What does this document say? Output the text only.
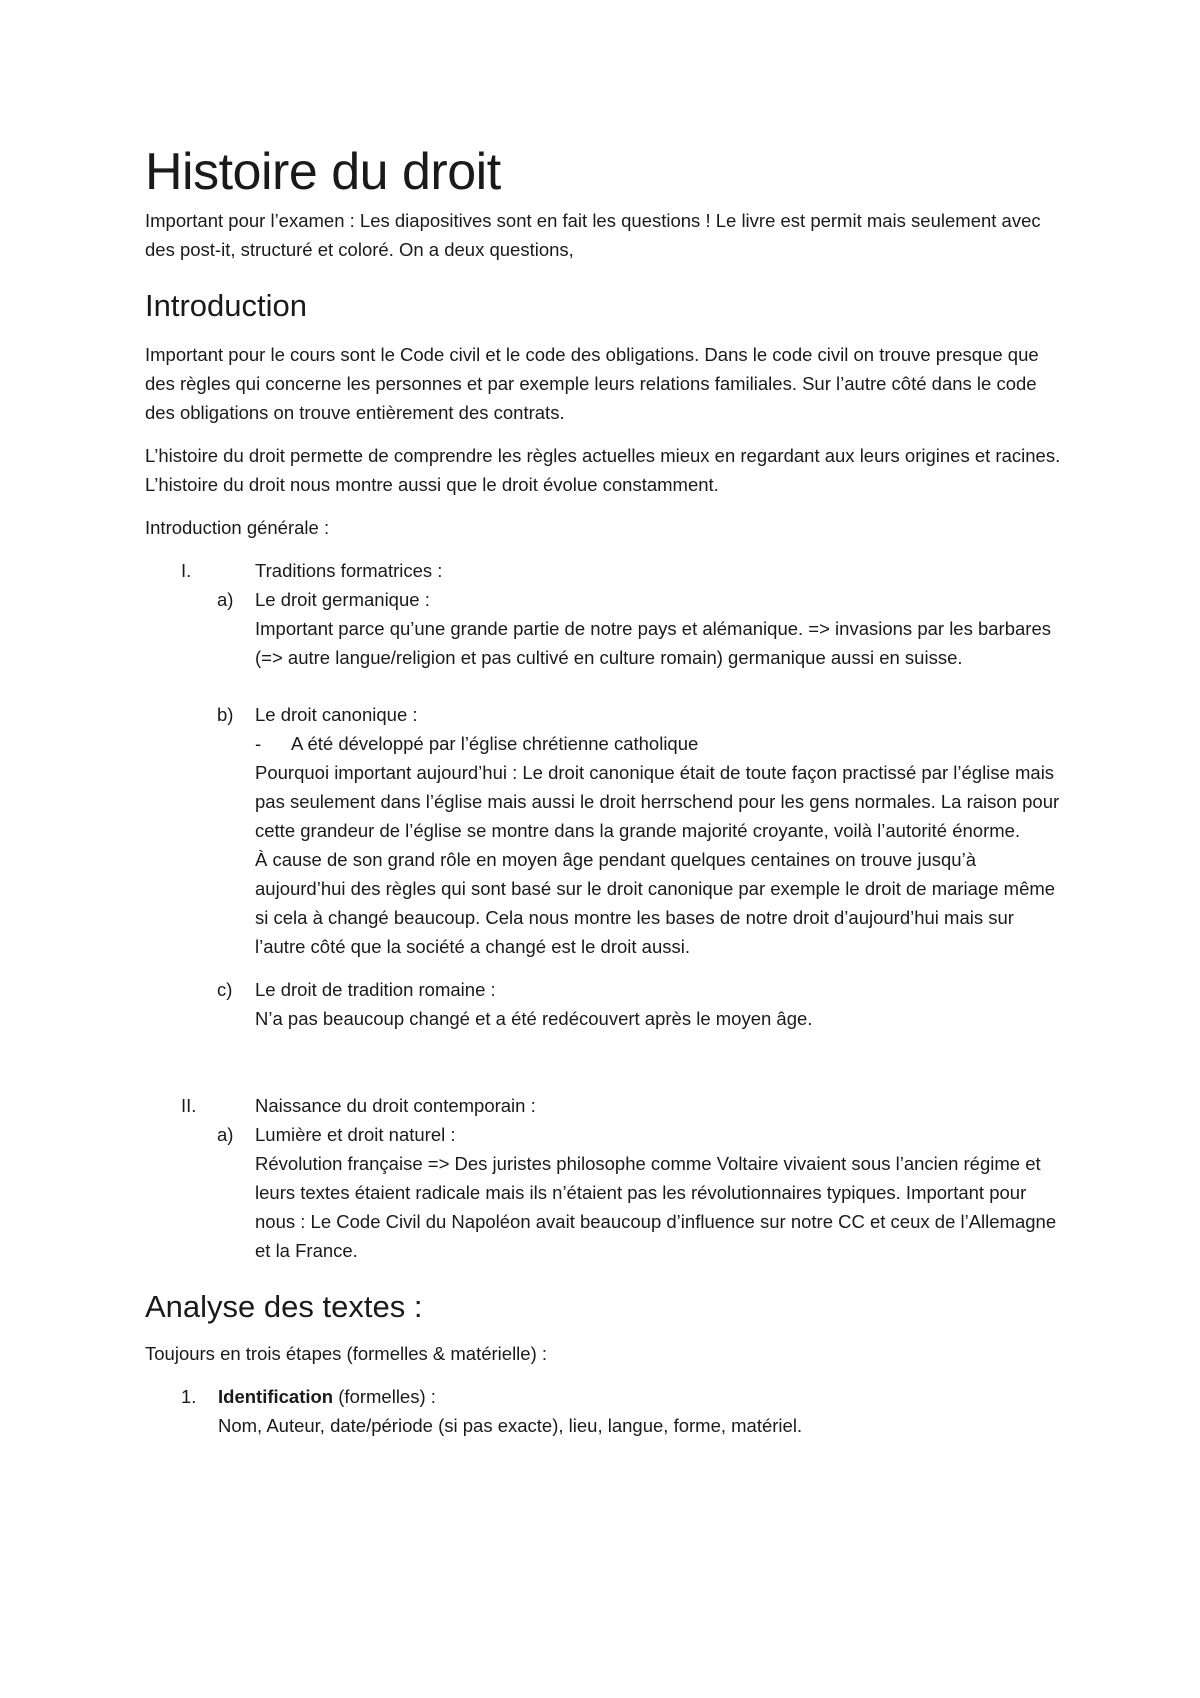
Histoire du droit

Important pour l’examen : Les diapositives sont en fait les questions ! Le livre est permit mais seulement avec des post-it, structuré et coloré. On a deux questions,

Introduction

Important pour le cours sont le Code civil et le code des obligations. Dans le code civil on trouve presque que des règles qui concerne les personnes et par exemple leurs relations familiales. Sur l’autre côté dans le code des obligations on trouve entièrement des contrats.

L’histoire du droit permette de comprendre les règles actuelles mieux en regardant aux leurs origines et racines. L’histoire du droit nous montre aussi que le droit évolue constamment.

Introduction générale :

I.	Traditions formatrices :
a) Le droit germanique :
Important parce qu’une grande partie de notre pays et alémanique. => invasions par les barbares (=> autre langue/religion et pas cultivé en culture romain) germanique aussi en suisse.
b) Le droit canonique :
- A été développé par l’église chrétienne catholique

Pourquoi important aujourd’hui : Le droit canonique était de toute façon practissé par l’église mais pas seulement dans l’église mais aussi le droit herrschend pour les gens normales. La raison pour cette grandeur de l’église se montre dans la grande majorité croyante, voilà l’autorité énorme.

À cause de son grand rôle en moyen âge pendant quelques centaines on trouve jusqu’à aujourd’hui des règles qui sont basé sur le droit canonique par exemple le droit de mariage même si cela à changé beaucoup. Cela nous montre les bases de notre droit d’aujourd’hui mais sur l’autre côté que la société a changé est le droit aussi.

c) Le droit de tradition romaine :
N’a pas beaucoup changé et a été redécouvert après le moyen âge.
II.	Naissance du droit contemporain :
a) Lumière et droit naturel :
Révolution française => Des juristes philosophe comme Voltaire vivaient sous l’ancien régime et leurs textes étaient radicale mais ils n’étaient pas les révolutionnaires typiques. Important pour nous : Le Code Civil du Napoléon avait beaucoup d’influence sur notre CC et ceux de l’Allemagne et la France.
Analyse des textes :

Toujours en trois étapes (formelles & matérielle) :

1. Identification (formelles) :
Nom, Auteur, date/période (si pas exacte), lieu, langue, forme, matériel.
